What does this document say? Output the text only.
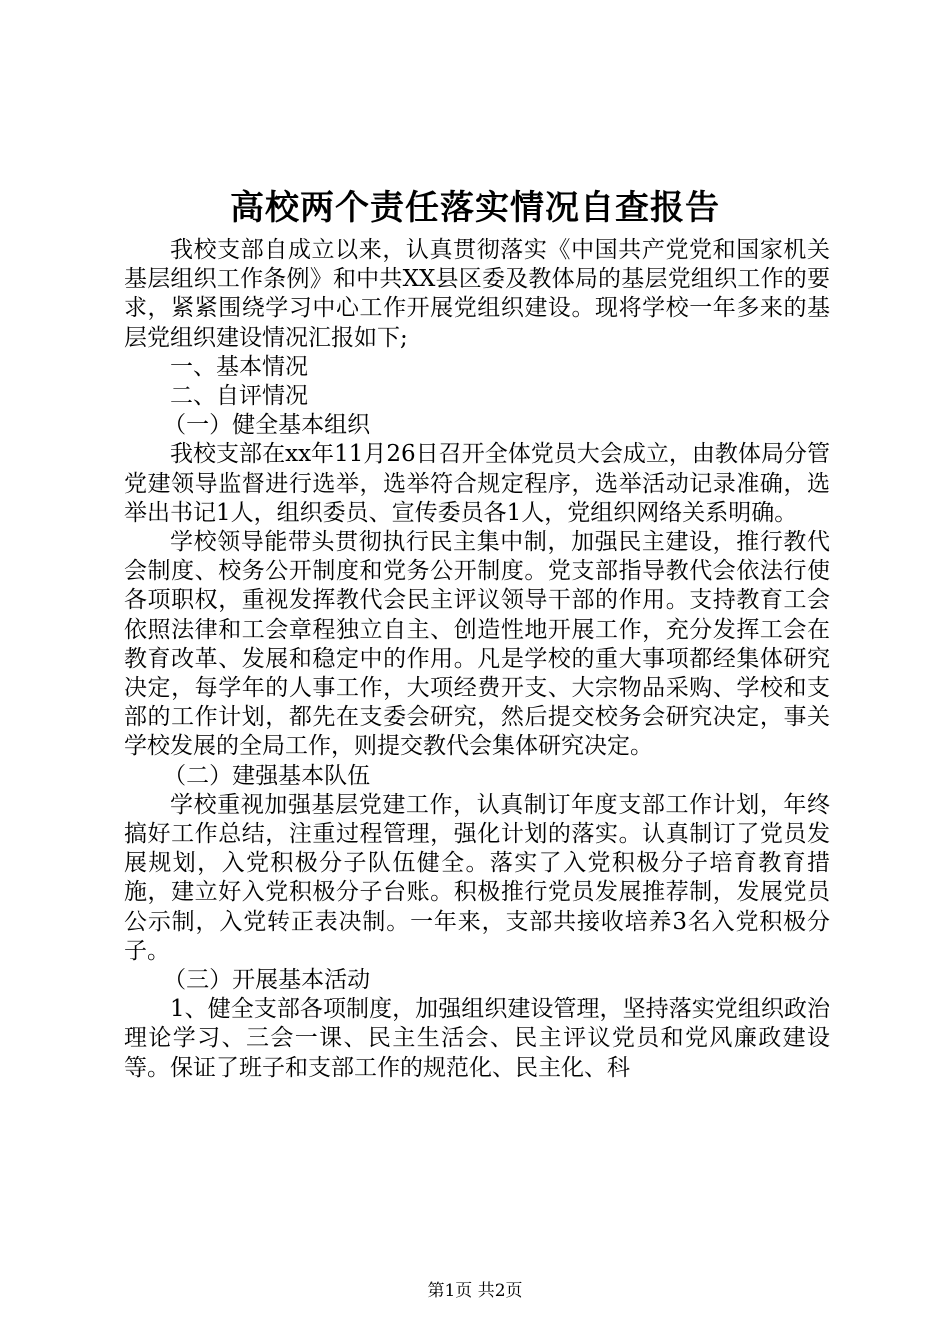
高校两个责任落实情况自查报告

我校支部自成立以来，认真贯彻落实《中国共产党党和国家机关基层组织工作条例》和中共XX县区委及教体局的基层党组织工作的要求，紧紧围绕学习中心工作开展党组织建设。现将学校一年多来的基层党组织建设情况汇报如下;

一、基本情况

二、自评情况

（一）健全基本组织

我校支部在xx年11月26日召开全体党员大会成立，由教体局分管党建领导监督进行选举，选举符合规定程序，选举活动记录准确，选举出书记1人，组织委员、宣传委员各1人，党组织网络关系明确。

学校领导能带头贯彻执行民主集中制，加强民主建设，推行教代会制度、校务公开制度和党务公开制度。党支部指导教代会依法行使各项职权，重视发挥教代会民主评议领导干部的作用。支持教育工会依照法律和工会章程独立自主、创造性地开展工作，充分发挥工会在教育改革、发展和稳定中的作用。凡是学校的重大事项都经集体研究决定，每学年的人事工作，大项经费开支、大宗物品采购、学校和支部的工作计划，都先在支委会研究，然后提交校务会研究决定，事关学校发展的全局工作，则提交教代会集体研究决定。

（二）建强基本队伍

学校重视加强基层党建工作，认真制订年度支部工作计划，年终搞好工作总结，注重过程管理，强化计划的落实。认真制订了党员发展规划，入党积极分子队伍健全。落实了入党积极分子培育教育措施，建立好入党积极分子台账。积极推行党员发展推荐制，发展党员公示制，入党转正表决制。一年来，支部共接收培养3名入党积极分子。

（三）开展基本活动

1、健全支部各项制度，加强组织建设管理，坚持落实党组织政治理论学习、三会一课、民主生活会、民主评议党员和党风廉政建设等。保证了班子和支部工作的规范化、民主化、科

第1页 共2页
